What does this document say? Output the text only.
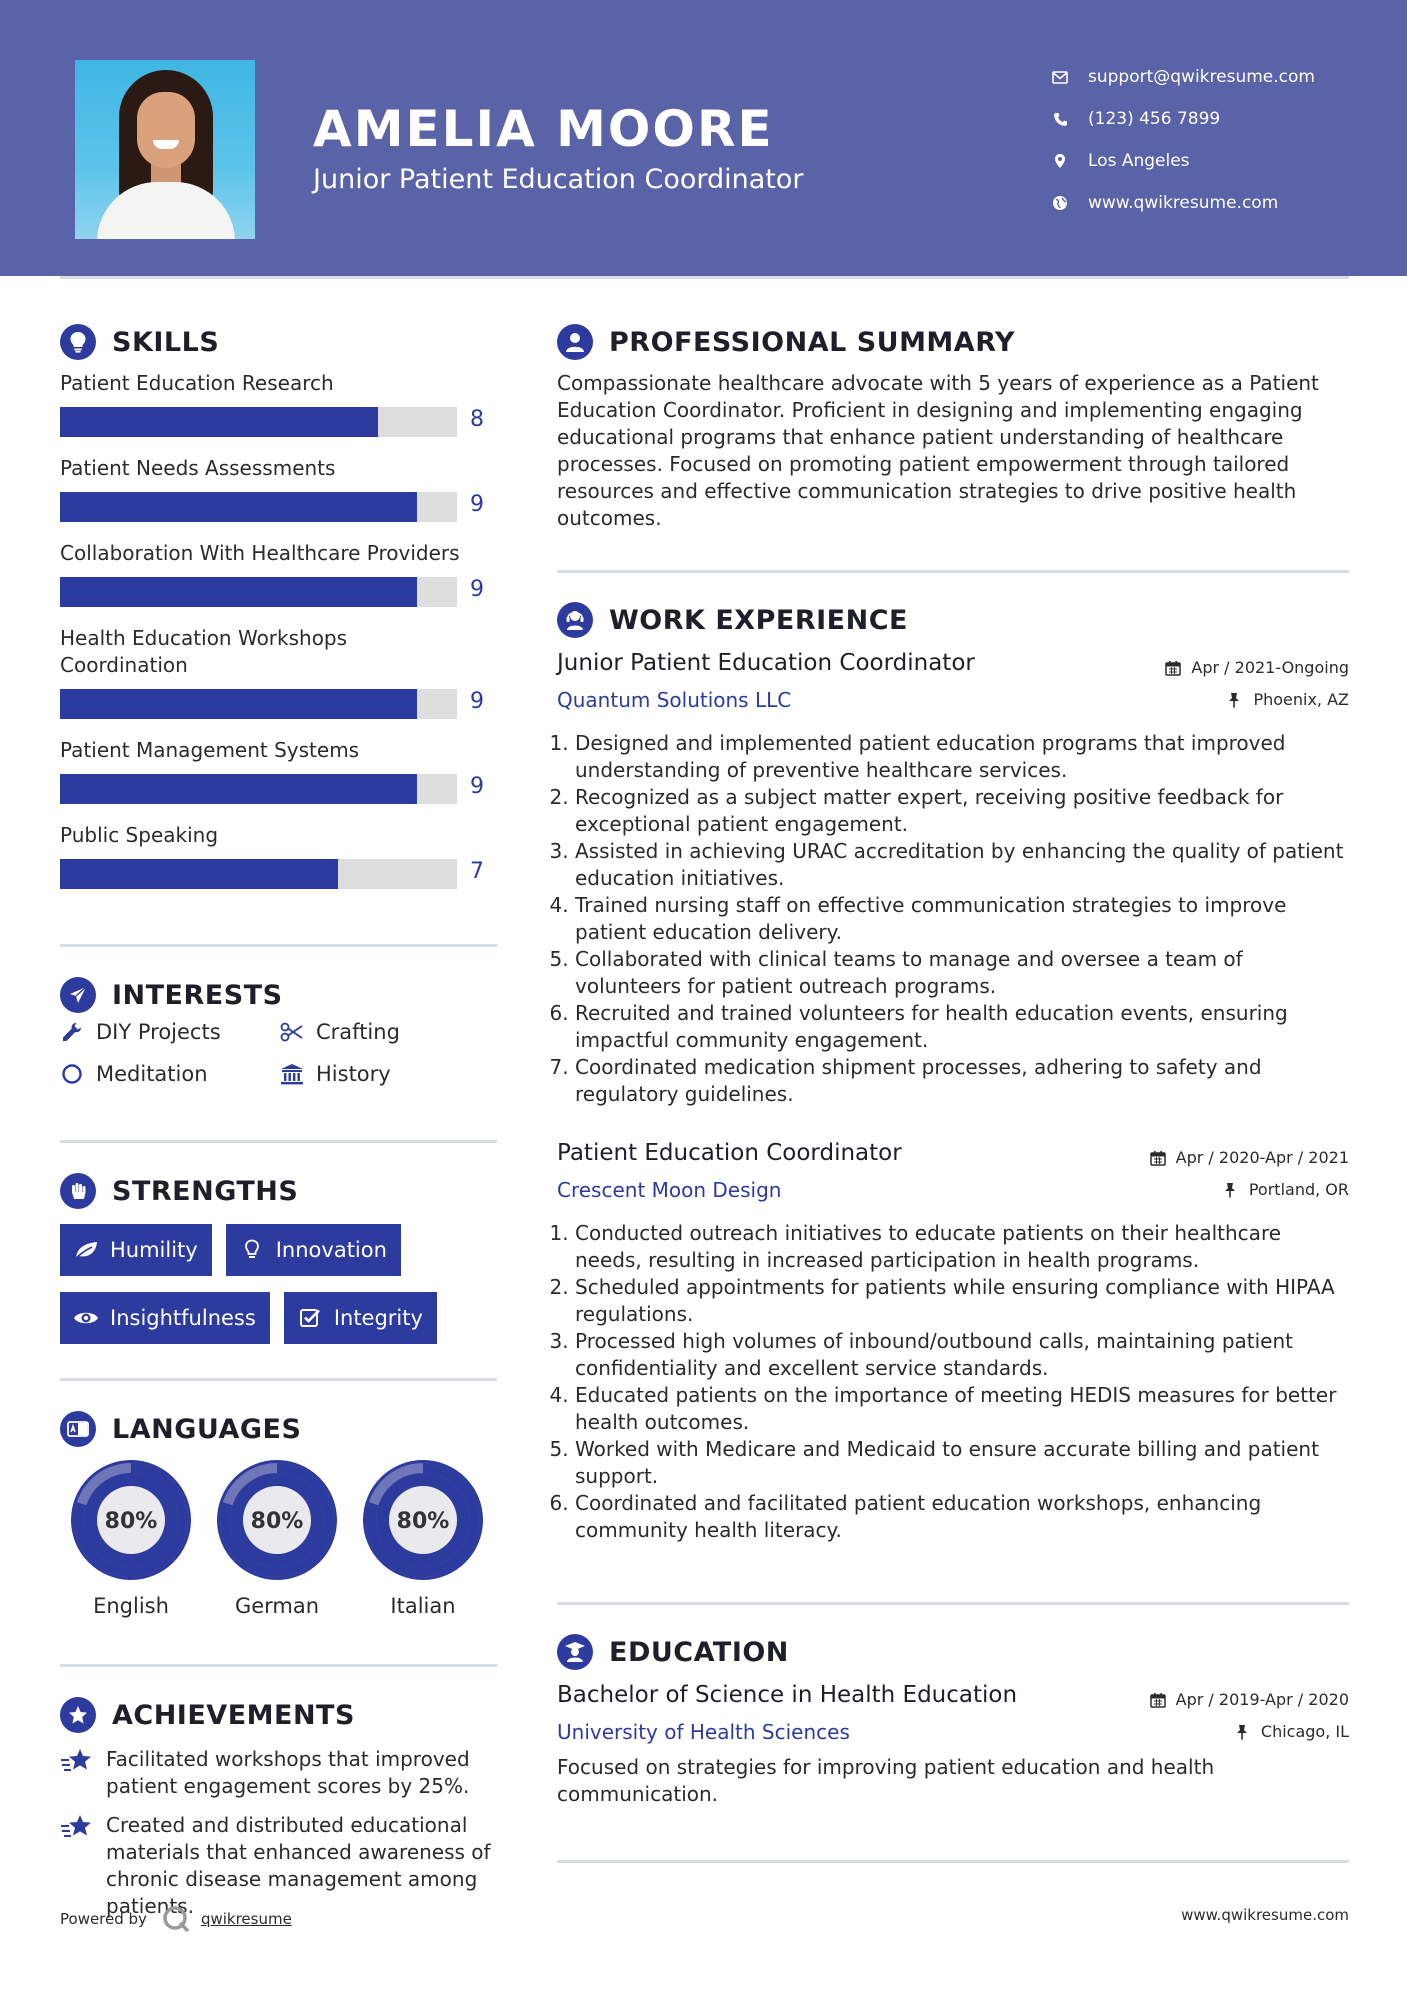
AMELIA MOORE
Junior Patient Education Coordinator
support@qwikresume.com
(123) 456 7899
Los Angeles
www.qwikresume.com
SKILLS
Patient Education Research
8
Patient Needs Assessments
9
Collaboration With Healthcare Providers
9
Health Education Workshops Coordination
9
Patient Management Systems
9
Public Speaking
7
INTERESTS
DIY Projects	Crafting
Meditation	History
STRENGTHS
Humility	Innovation
Insightfulness	Integrity
LANGUAGES
80%
English
80%
German
80%
Italian
ACHIEVEMENTS
Facilitated workshops that improved patient engagement scores by 25%.
Created and distributed educational materials that enhanced awareness of chronic disease management among patients.
PROFESSIONAL SUMMARY
Compassionate healthcare advocate with 5 years of experience as a Patient Education Coordinator. Proficient in designing and implementing engaging educational programs that enhance patient understanding of healthcare processes. Focused on promoting patient empowerment through tailored resources and effective communication strategies to drive positive health outcomes.
WORK EXPERIENCE
Junior Patient Education Coordinator
Quantum Solutions LLC
Apr / 2021-Ongoing
Phoenix, AZ
1. Designed and implemented patient education programs that improved understanding of preventive healthcare services.
2. Recognized as a subject matter expert, receiving positive feedback for exceptional patient engagement.
3. Assisted in achieving URAC accreditation by enhancing the quality of patient education initiatives.
4. Trained nursing staff on effective communication strategies to improve patient education delivery.
5. Collaborated with clinical teams to manage and oversee a team of volunteers for patient outreach programs.
6. Recruited and trained volunteers for health education events, ensuring impactful community engagement.
7. Coordinated medication shipment processes, adhering to safety and regulatory guidelines.
Patient Education Coordinator
Crescent Moon Design
Apr / 2020-Apr / 2021
Portland, OR
1. Conducted outreach initiatives to educate patients on their healthcare needs, resulting in increased participation in health programs.
2. Scheduled appointments for patients while ensuring compliance with HIPAA regulations.
3. Processed high volumes of inbound/outbound calls, maintaining patient confidentiality and excellent service standards.
4. Educated patients on the importance of meeting HEDIS measures for better health outcomes.
5. Worked with Medicare and Medicaid to ensure accurate billing and patient support.
6. Coordinated and facilitated patient education workshops, enhancing community health literacy.
EDUCATION
Bachelor of Science in Health Education
University of Health Sciences
Apr / 2019-Apr / 2020
Chicago, IL
Focused on strategies for improving patient education and health communication.
Powered by	qwikresume	www.qwikresume.com
